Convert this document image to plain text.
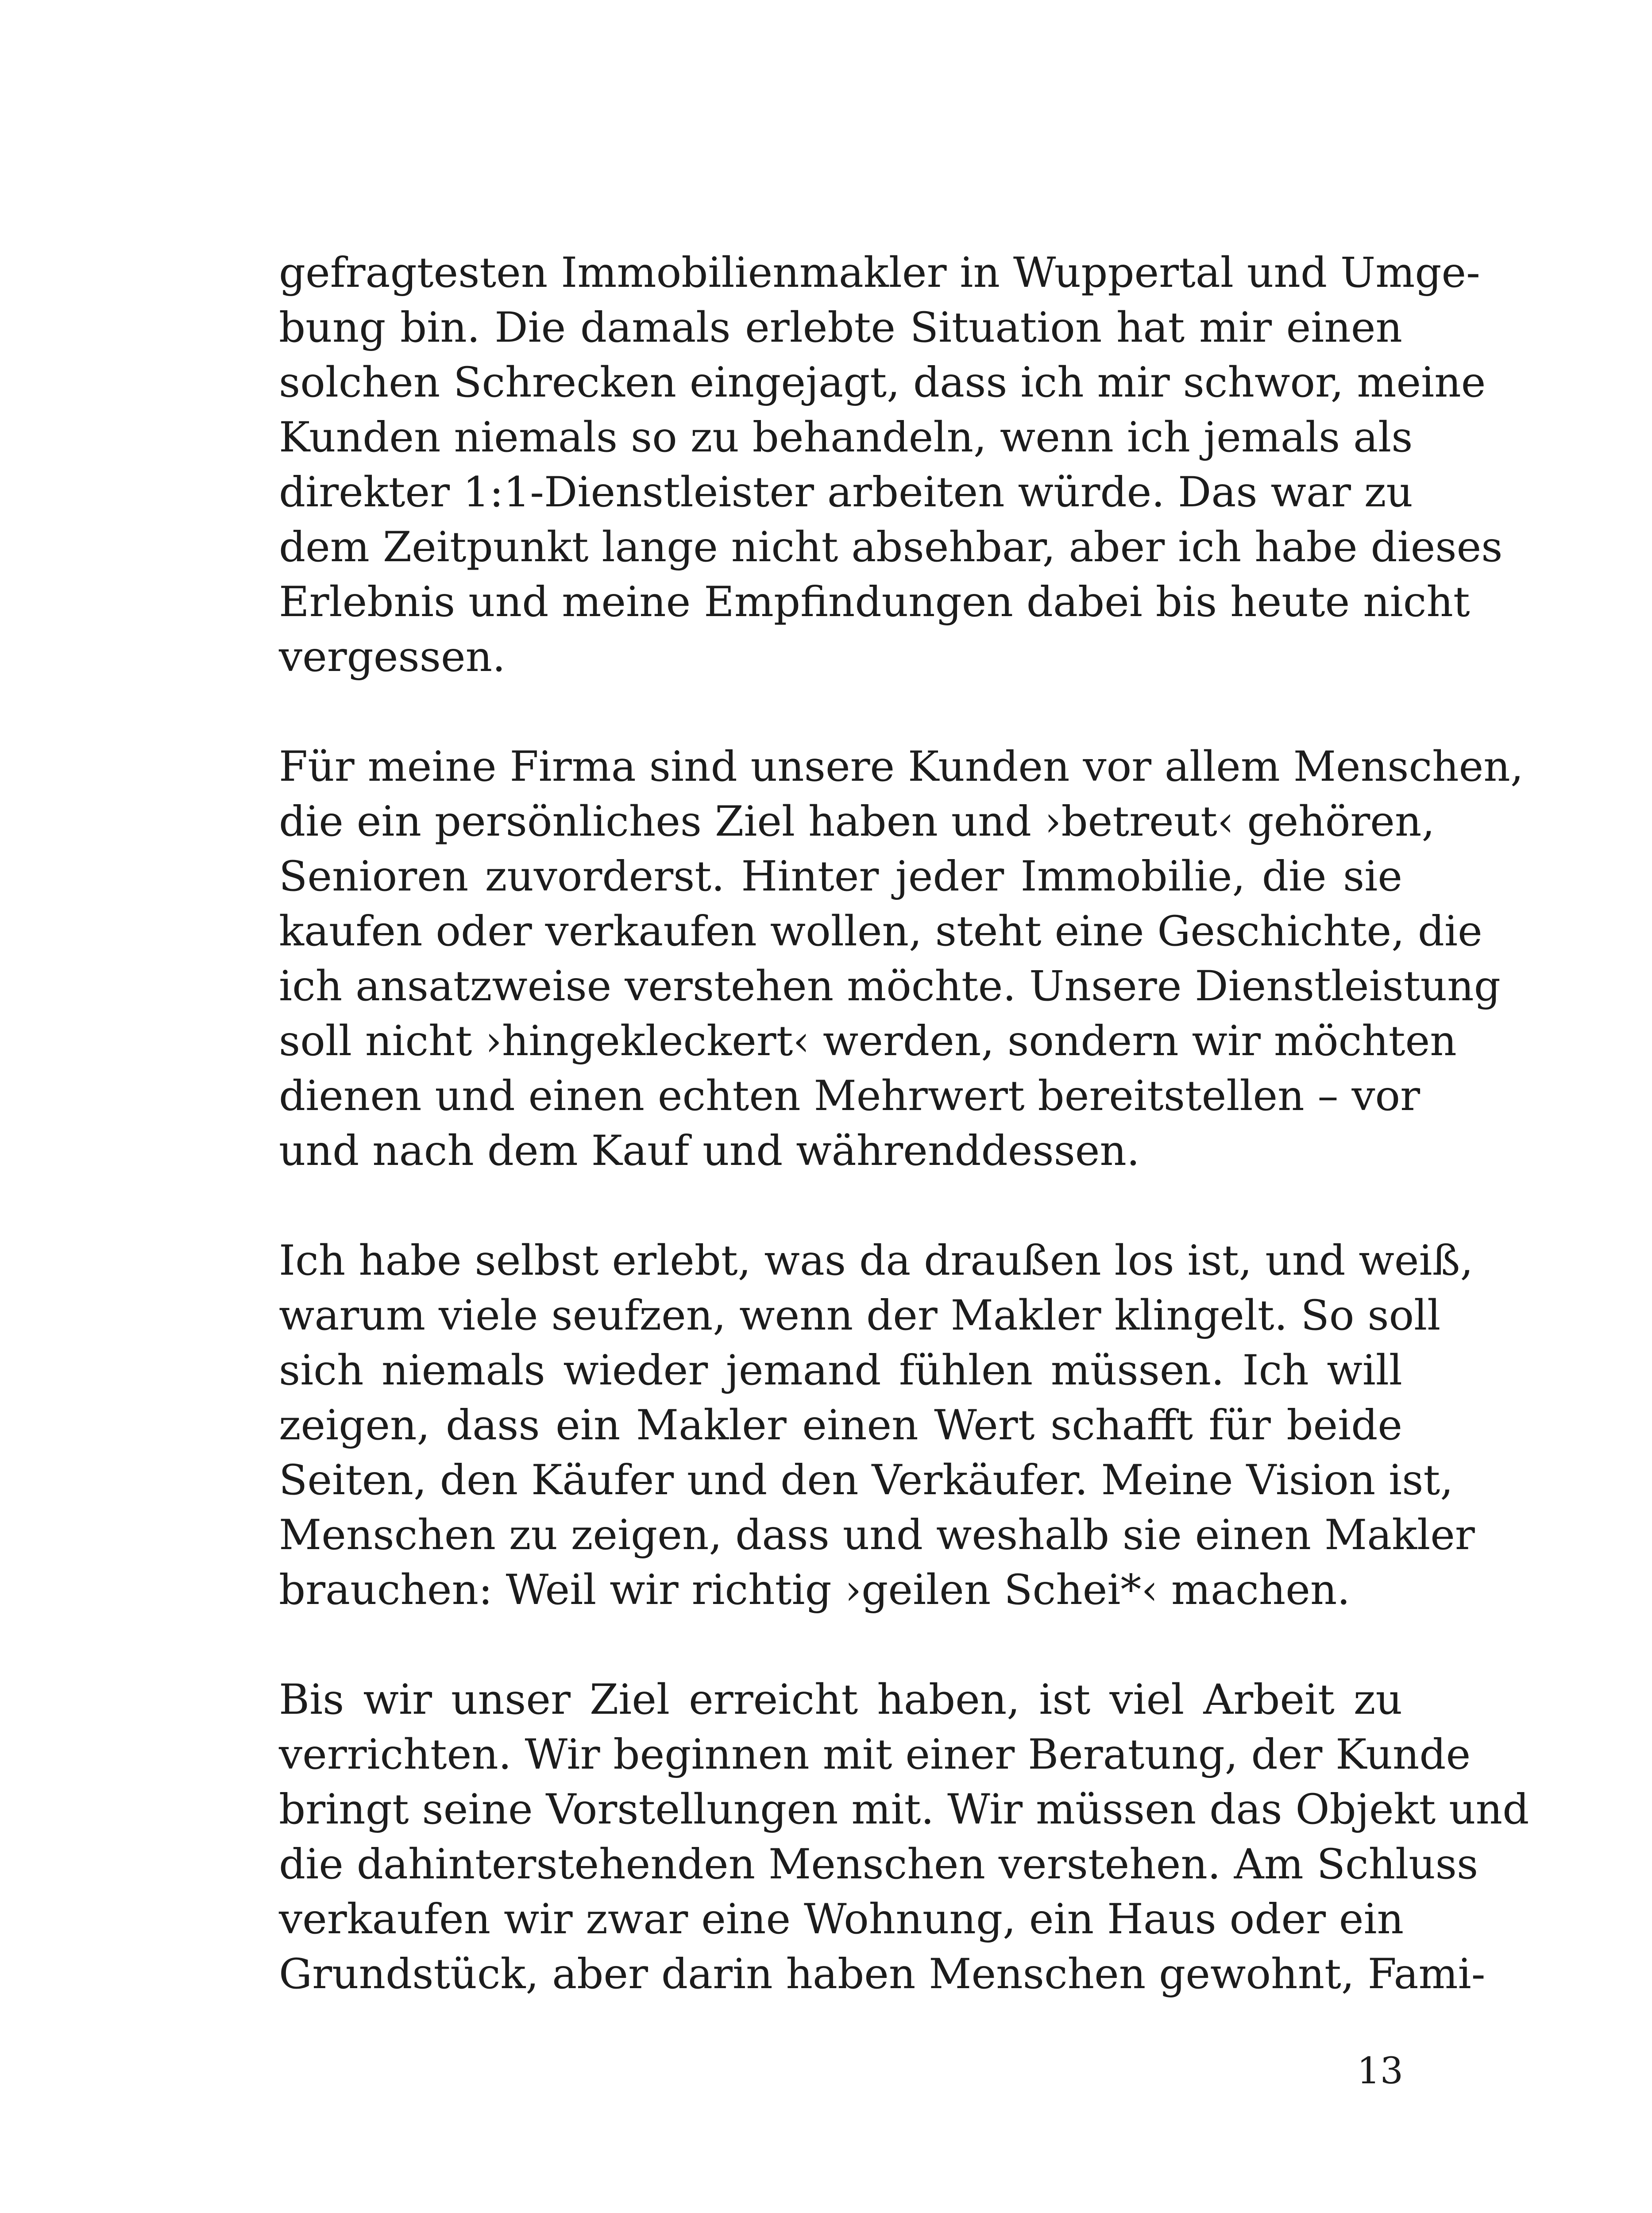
gefragtesten Immobilienmakler in Wuppertal und Umge-
bung bin. Die damals erlebte Situation hat mir einen
solchen Schrecken eingejagt, dass ich mir schwor, meine
Kunden niemals so zu behandeln, wenn ich jemals als
direkter 1:1-Dienstleister arbeiten würde. Das war zu
dem Zeitpunkt lange nicht absehbar, aber ich habe dieses
Erlebnis und meine Empfindungen dabei bis heute nicht
vergessen.

Für meine Firma sind unsere Kunden vor allem Menschen,
die ein persönliches Ziel haben und ›betreut‹ gehören,
Senioren zuvorderst. Hinter jeder Immobilie, die sie
kaufen oder verkaufen wollen, steht eine Geschichte, die
ich ansatzweise verstehen möchte. Unsere Dienstleistung
soll nicht ›hingekleckert‹ werden, sondern wir möchten
dienen und einen echten Mehrwert bereitstellen – vor
und nach dem Kauf und währenddessen.

Ich habe selbst erlebt, was da draußen los ist, und weiß,
warum viele seufzen, wenn der Makler klingelt. So soll
sich niemals wieder jemand fühlen müssen. Ich will
zeigen, dass ein Makler einen Wert schafft für beide
Seiten, den Käufer und den Verkäufer. Meine Vision ist,
Menschen zu zeigen, dass und weshalb sie einen Makler
brauchen: Weil wir richtig ›geilen Schei*‹ machen.

Bis wir unser Ziel erreicht haben, ist viel Arbeit zu
verrichten. Wir beginnen mit einer Beratung, der Kunde
bringt seine Vorstellungen mit. Wir müssen das Objekt und
die dahinterstehenden Menschen verstehen. Am Schluss
verkaufen wir zwar eine Wohnung, ein Haus oder ein
Grundstück, aber darin haben Menschen gewohnt, Fami-

13
